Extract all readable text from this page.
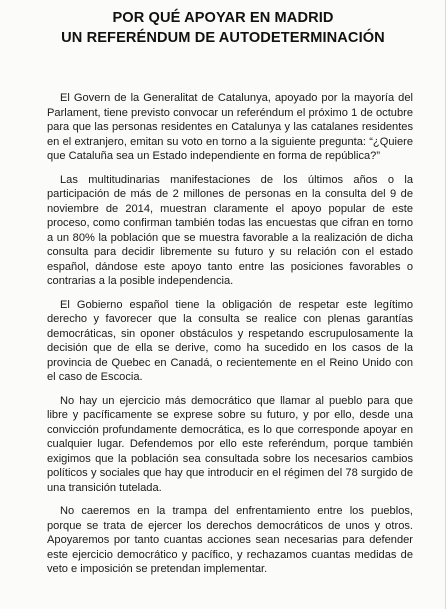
POR QUÉ APOYAR EN MADRID
UN REFERÉNDUM DE AUTODETERMINACIÓN

El Govern de la Generalitat de Catalunya, apoyado por la mayoría del Parlament, tiene previsto convocar un referéndum el próximo 1 de octubre para que las personas residentes en Catalunya y las catalanes residentes en el extranjero, emitan su voto en torno a la siguiente pregunta: “¿Quiere que Cataluña sea un Estado independiente en forma de república?”

Las multitudinarias manifestaciones de los últimos años o la participación de más de 2 millones de personas en la consulta del 9 de noviembre de 2014, muestran claramente el apoyo popular de este proceso, como confirman también todas las encuestas que cifran en torno a un 80% la población que se muestra favorable a la realización de dicha consulta para decidir libremente su futuro y su relación con el estado español, dándose este apoyo tanto entre las posiciones favorables o contrarias a la posible independencia.

El Gobierno español tiene la obligación de respetar este legítimo derecho y favorecer que la consulta se realice con plenas garantías democráticas, sin oponer obstáculos y respetando escrupulosamente la decisión que de ella se derive, como ha sucedido en los casos de la provincia de Quebec en Canadá, o recientemente en el Reino Unido con el caso de Escocia.

No hay un ejercicio más democrático que llamar al pueblo para que libre y pacíficamente se exprese sobre su futuro, y por ello, desde una convicción profundamente democrática, es lo que corresponde apoyar en cualquier lugar. Defendemos por ello este referéndum, porque también exigimos que la población sea consultada sobre los necesarios cambios políticos y sociales que hay que introducir en el régimen del 78 surgido de una transición tutelada.

No caeremos en la trampa del enfrentamiento entre los pueblos, porque se trata de ejercer los derechos democráticos de unos y otros. Apoyaremos por tanto cuantas acciones sean necesarias para defender este ejercicio democrático y pacífico, y rechazamos cuantas medidas de veto e imposición se pretendan implementar.
